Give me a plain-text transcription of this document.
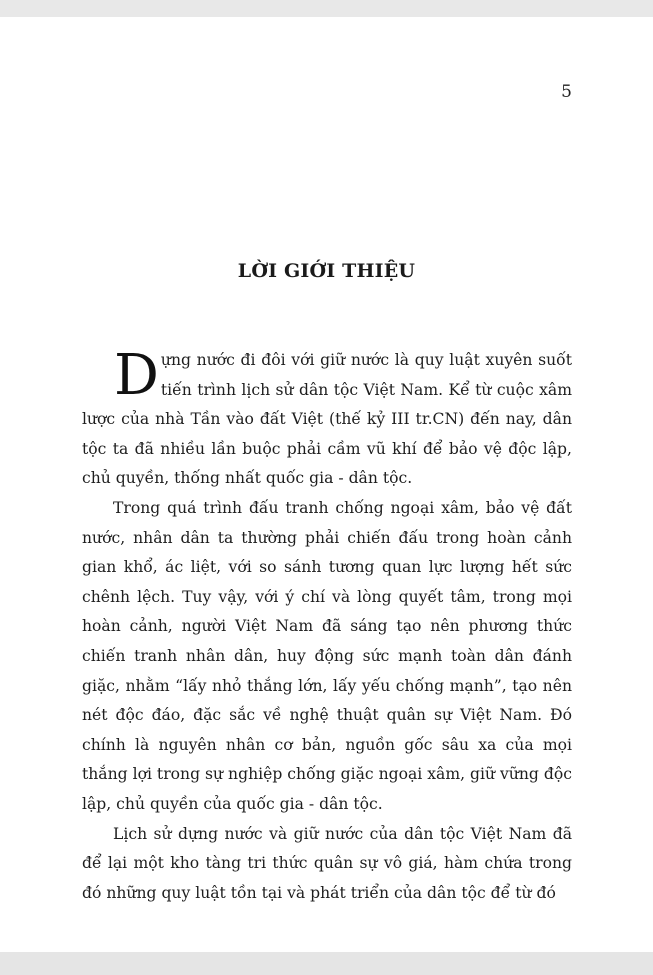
5
LỜI GIỚI THIỆU

Dựng nước đi đôi với giữ nước là quy luật xuyên suốt tiến trình lịch sử dân tộc Việt Nam. Kể từ cuộc xâm lược của nhà Tần vào đất Việt (thế kỷ III tr.CN) đến nay, dân tộc ta đã nhiều lần buộc phải cầm vũ khí để bảo vệ độc lập, chủ quyền, thống nhất quốc gia - dân tộc.

Trong quá trình đấu tranh chống ngoại xâm, bảo vệ đất nước, nhân dân ta thường phải chiến đấu trong hoàn cảnh gian khổ, ác liệt, với so sánh tương quan lực lượng hết sức chênh lệch. Tuy vậy, với ý chí và lòng quyết tâm, trong mọi hoàn cảnh, người Việt Nam đã sáng tạo nên phương thức chiến tranh nhân dân, huy động sức mạnh toàn dân đánh giặc, nhằm “lấy nhỏ thắng lớn, lấy yếu chống mạnh”, tạo nên nét độc đáo, đặc sắc về nghệ thuật quân sự Việt Nam. Đó chính là nguyên nhân cơ bản, nguồn gốc sâu xa của mọi thắng lợi trong sự nghiệp chống giặc ngoại xâm, giữ vững độc lập, chủ quyền của quốc gia - dân tộc.

Lịch sử dựng nước và giữ nước của dân tộc Việt Nam đã để lại một kho tàng tri thức quân sự vô giá, hàm chứa trong đó những quy luật tồn tại và phát triển của dân tộc để từ đó
